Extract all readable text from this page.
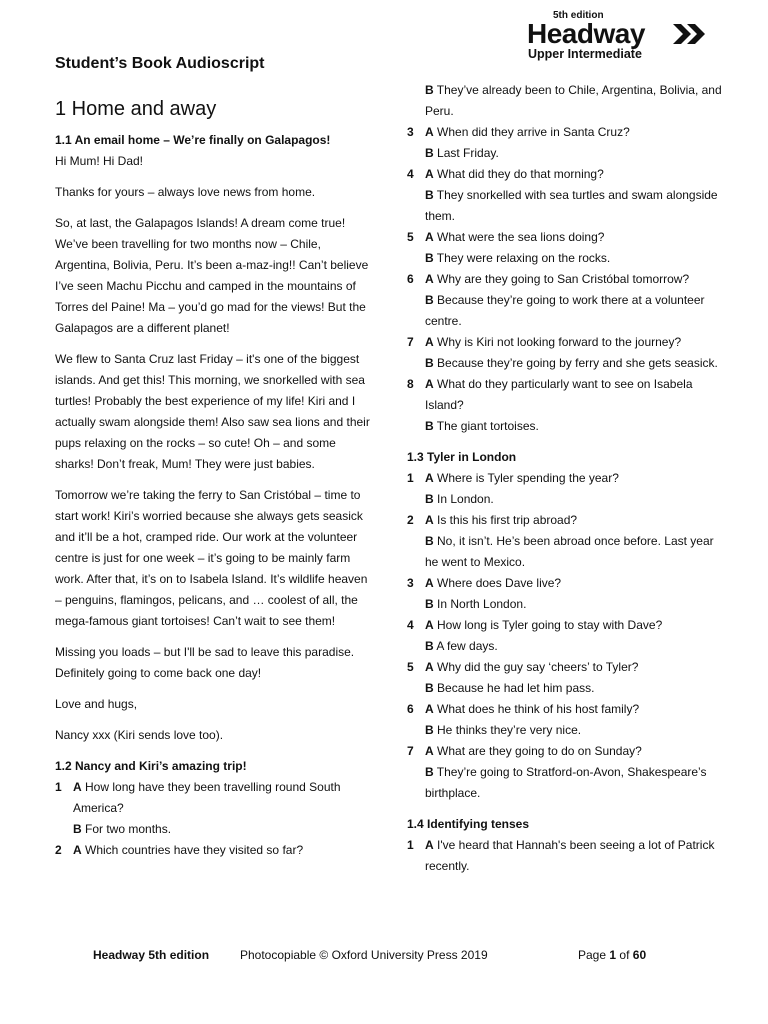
5th edition
Headway
Upper Intermediate
Student’s Book Audioscript
1 Home and away
1.1 An email home – We’re finally on Galapagos!
Hi Mum! Hi Dad!
Thanks for yours – always love news from home.
So, at last, the Galapagos Islands! A dream come true! We’ve been travelling for two months now – Chile, Argentina, Bolivia, Peru. It’s been a-maz-ing!! Can’t believe I’ve seen Machu Picchu and camped in the mountains of Torres del Paine! Ma – you’d go mad for the views! But the Galapagos are a different planet!
We flew to Santa Cruz last Friday – it's one of the biggest islands. And get this! This morning, we snorkelled with sea turtles! Probably the best experience of my life! Kiri and I actually swam alongside them! Also saw sea lions and their pups relaxing on the rocks – so cute! Oh – and some sharks! Don’t freak, Mum! They were just babies.
Tomorrow we’re taking the ferry to San Cristóbal – time to start work! Kiri’s worried because she always gets seasick and it’ll be a hot, cramped ride. Our work at the volunteer centre is just for one week – it’s going to be mainly farm work. After that, it’s on to Isabela Island. It’s wildlife heaven – penguins, flamingos, pelicans, and … coolest of all, the mega-famous giant tortoises! Can’t wait to see them!
Missing you loads – but I'll be sad to leave this paradise. Definitely going to come back one day!
Love and hugs,
Nancy xxx (Kiri sends love too).
1.2 Nancy and Kiri’s amazing trip!
1 A How long have they been travelling round South America?
B For two months.
2 A Which countries have they visited so far?
B They’ve already been to Chile, Argentina, Bolivia, and Peru.
3 A When did they arrive in Santa Cruz?
B Last Friday.
4 A What did they do that morning?
B They snorkelled with sea turtles and swam alongside them.
5 A What were the sea lions doing?
B They were relaxing on the rocks.
6 A Why are they going to San Cristóbal tomorrow?
B Because they’re going to work there at a volunteer centre.
7 A Why is Kiri not looking forward to the journey?
B Because they’re going by ferry and she gets seasick.
8 A What do they particularly want to see on Isabela Island?
B The giant tortoises.
1.3 Tyler in London
1 A Where is Tyler spending the year?
B In London.
2 A Is this his first trip abroad?
B No, it isn’t. He’s been abroad once before. Last year he went to Mexico.
3 A Where does Dave live?
B In North London.
4 A How long is Tyler going to stay with Dave?
B A few days.
5 A Why did the guy say ‘cheers’ to Tyler?
B Because he had let him pass.
6 A What does he think of his host family?
B He thinks they’re very nice.
7 A What are they going to do on Sunday?
B They’re going to Stratford-on-Avon, Shakespeare’s birthplace.
1.4 Identifying tenses
1 A I've heard that Hannah's been seeing a lot of Patrick recently.
Headway 5th edition	Photocopiable © Oxford University Press 2019	Page 1 of 60
